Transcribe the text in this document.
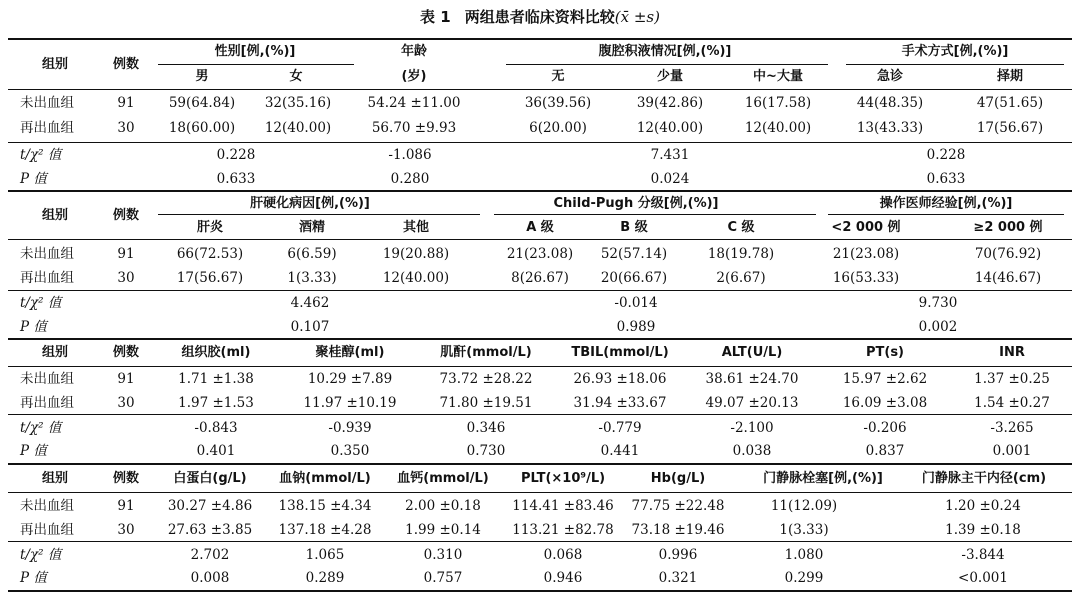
表 1 两组患者临床资料比较(x̄ ±s)
组别	例数
性别[例,(%)]
男	女
年龄
(岁)
腹腔积液情况[例,(%)]
无	少量	中~大量
手术方式[例,(%)]
急诊	择期
未出血组	91	59(64.84) 32(35.16)	54.24 ±11.00	36(39.56)	39(42.86)	16(17.58)	44(48.35)	47(51.65)
再出血组	30	18(60.00) 12(40.00)	56.70 ±9.93	6(20.00)	12(40.00)	12(40.00)	13(43.33)	17(56.67)
t/χ² 值	0.228	-1.086	7.431	0.228
P 值	0.633	0.280	0.024	0.633
组别	例数
肝硬化病因[例,(%)]
肝炎	酒精	其他
Child-Pugh 分级[例,(%)]
A 级	B 级	C 级
操作医师经验[例,(%)]
<2 000 例	≥2 000 例
未出血组	91	66(72.53)	6(6.59)	19(20.88)	21(23.08) 52(57.14)	18(19.78)	21(23.08)	70(76.92)
再出血组	30	17(56.67)	1(3.33)	12(40.00)	8(26.67) 20(66.67)	2(6.67)	16(53.33)	14(46.67)
t/χ² 值	4.462	-0.014	9.730
P 值	0.107	0.989	0.002
组别	例数	组织胶(ml)	聚桂醇(ml)	肌酐(mmol/L)	TBIL(mmol/L)	ALT(U/L)	PT(s)	INR
未出血组	91	1.71 ±1.38	10.29 ±7.89	73.72 ±28.22	26.93 ±18.06	38.61 ±24.70	15.97 ±2.62	1.37 ±0.25
再出血组	30	1.97 ±1.53	11.97 ±10.19	71.80 ±19.51	31.94 ±33.67	49.07 ±20.13	16.09 ±3.08	1.54 ±0.27
t/χ² 值	-0.843	-0.939	0.346	-0.779	-2.100	-0.206	-3.265
P 值	0.401	0.350	0.730	0.441	0.038	0.837	0.001
组别	例数	白蛋白(g/L)	血钠(mmol/L) 血钙(mmol/L) PLT(×10⁹/L)	Hb(g/L)	门静脉栓塞[例,(%)]	门静脉主干内径(cm)
未出血组	91 30.27 ±4.86 138.15 ±4.34 2.00 ±0.18 114.41 ±83.46 77.75 ±22.48	11(12.09)	1.20 ±0.24
再出血组	30 27.63 ±3.85 137.18 ±4.28 1.99 ±0.14 113.21 ±82.78 73.18 ±19.46	1(3.33)	1.39 ±0.18
t/χ² 值	2.702	1.065	0.310	0.068	0.996	1.080	-3.844
P 值	0.008	0.289	0.757	0.946	0.321	0.299	<0.001
